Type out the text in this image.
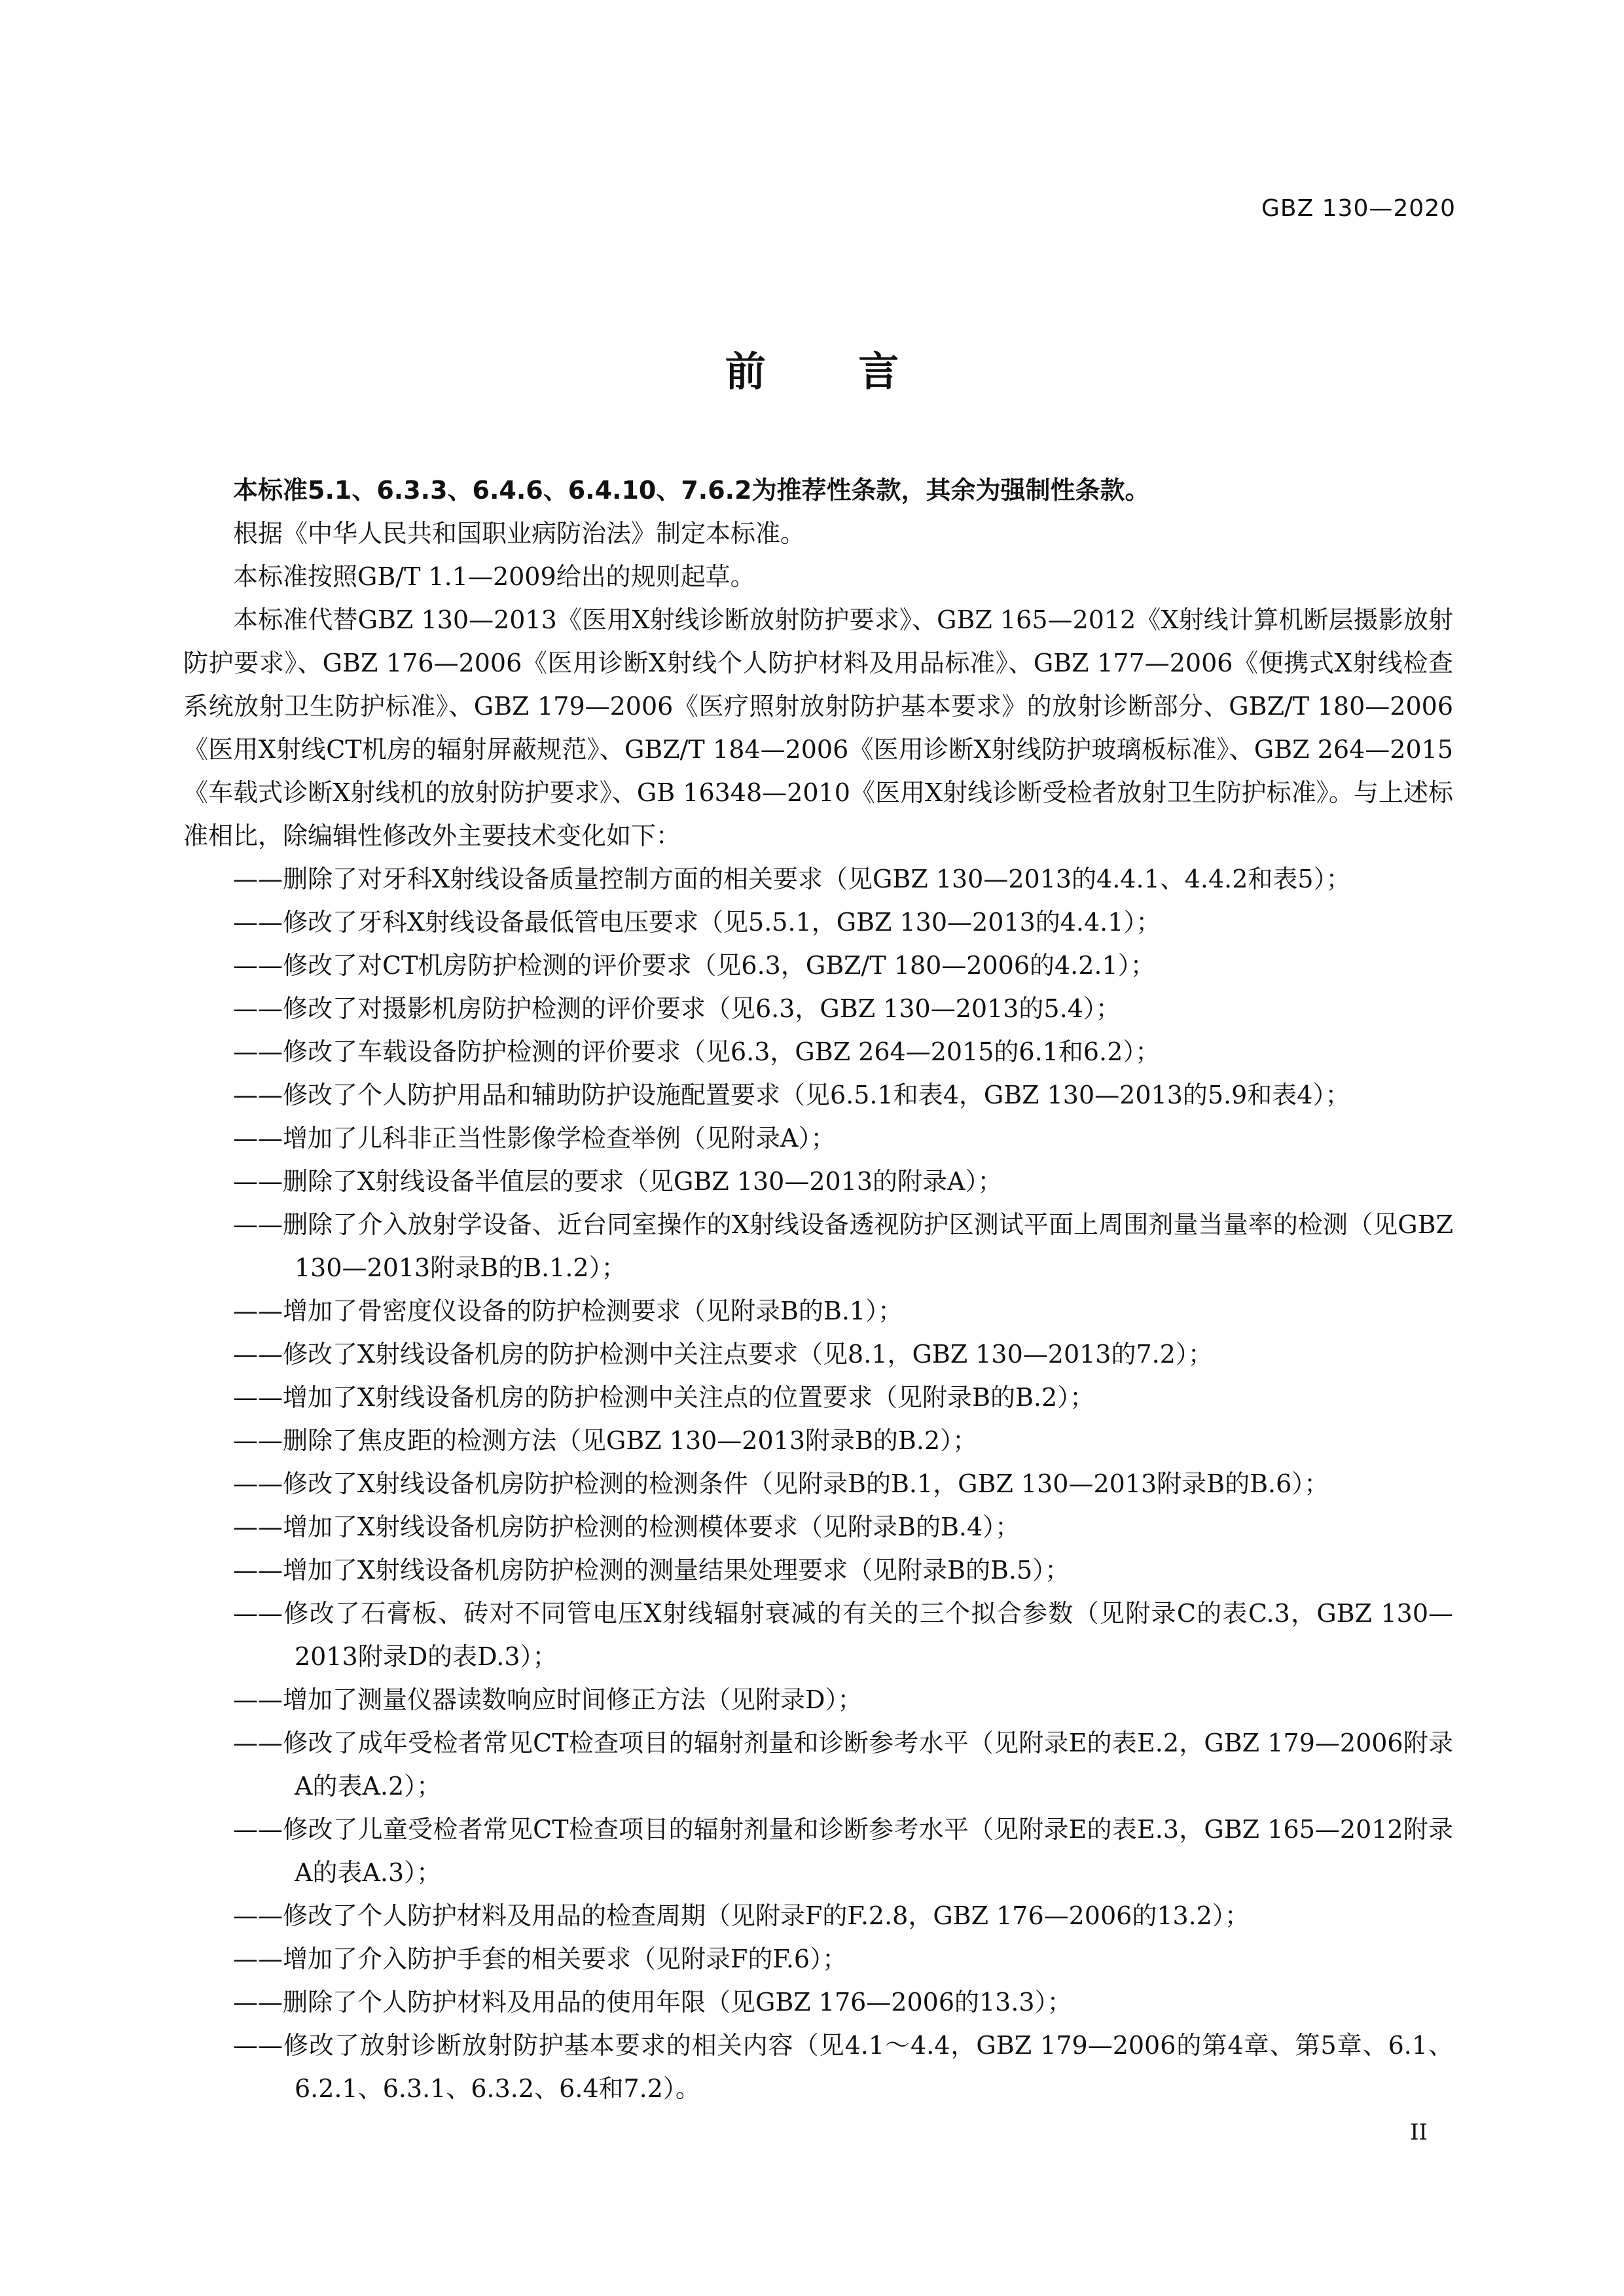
GBZ 130—2020
前 言

本标准5.1、6.3.3、6.4.6、6.4.10、7.6.2为推荐性条款，其余为强制性条款。

根据《中华人民共和国职业病防治法》制定本标准。

本标准按照GB/T 1.1—2009给出的规则起草。

本标准代替GBZ 130—2013《医用X射线诊断放射防护要求》、GBZ 165—2012《X射线计算机断层摄影放射防护要求》、GBZ 176—2006《医用诊断X射线个人防护材料及用品标准》、GBZ 177—2006《便携式X射线检查系统放射卫生防护标准》、GBZ 179—2006《医疗照射放射防护基本要求》的放射诊断部分、GBZ/T 180—2006《医用X射线CT机房的辐射屏蔽规范》、GBZ/T 184—2006《医用诊断X射线防护玻璃板标准》、GBZ 264—2015《车载式诊断X射线机的放射防护要求》、GB 16348—2010《医用X射线诊断受检者放射卫生防护标准》。与上述标准相比，除编辑性修改外主要技术变化如下：

——删除了对牙科X射线设备质量控制方面的相关要求（见GBZ 130—2013的4.4.1、4.4.2和表5）；
——修改了牙科X射线设备最低管电压要求（见5.5.1，GBZ 130—2013的4.4.1）；
——修改了对CT机房防护检测的评价要求（见6.3，GBZ/T 180—2006的4.2.1）；
——修改了对摄影机房防护检测的评价要求（见6.3，GBZ 130—2013的5.4）；
——修改了车载设备防护检测的评价要求（见6.3，GBZ 264—2015的6.1和6.2）；
——修改了个人防护用品和辅助防护设施配置要求（见6.5.1和表4，GBZ 130—2013的5.9和表4）；
——增加了儿科非正当性影像学检查举例（见附录A）；
——删除了X射线设备半值层的要求（见GBZ 130—2013的附录A）；
——删除了介入放射学设备、近台同室操作的X射线设备透视防护区测试平面上周围剂量当量率的检测（见GBZ 130—2013附录B的B.1.2）；
——增加了骨密度仪设备的防护检测要求（见附录B的B.1）；
——修改了X射线设备机房的防护检测中关注点要求（见8.1，GBZ 130—2013的7.2）；
——增加了X射线设备机房的防护检测中关注点的位置要求（见附录B的B.2）；
——删除了焦皮距的检测方法（见GBZ 130—2013附录B的B.2）；
——修改了X射线设备机房防护检测的检测条件（见附录B的B.1，GBZ 130—2013附录B的B.6）；
——增加了X射线设备机房防护检测的检测模体要求（见附录B的B.4）；
——增加了X射线设备机房防护检测的测量结果处理要求（见附录B的B.5）；
——修改了石膏板、砖对不同管电压X射线辐射衰减的有关的三个拟合参数（见附录C的表C.3，GBZ 130—2013附录D的表D.3）；
——增加了测量仪器读数响应时间修正方法（见附录D）；
——修改了成年受检者常见CT检查项目的辐射剂量和诊断参考水平（见附录E的表E.2，GBZ 179—2006附录A的表A.2）；
——修改了儿童受检者常见CT检查项目的辐射剂量和诊断参考水平（见附录E的表E.3，GBZ 165—2012附录A的表A.3）；
——修改了个人防护材料及用品的检查周期（见附录F的F.2.8，GBZ 176—2006的13.2）；
——增加了介入防护手套的相关要求（见附录F的F.6）；
——删除了个人防护材料及用品的使用年限（见GBZ 176—2006的13.3）；
——修改了放射诊断放射防护基本要求的相关内容（见4.1～4.4，GBZ 179—2006的第4章、第5章、6.1、6.2.1、6.3.1、6.3.2、6.4和7.2）。
II
